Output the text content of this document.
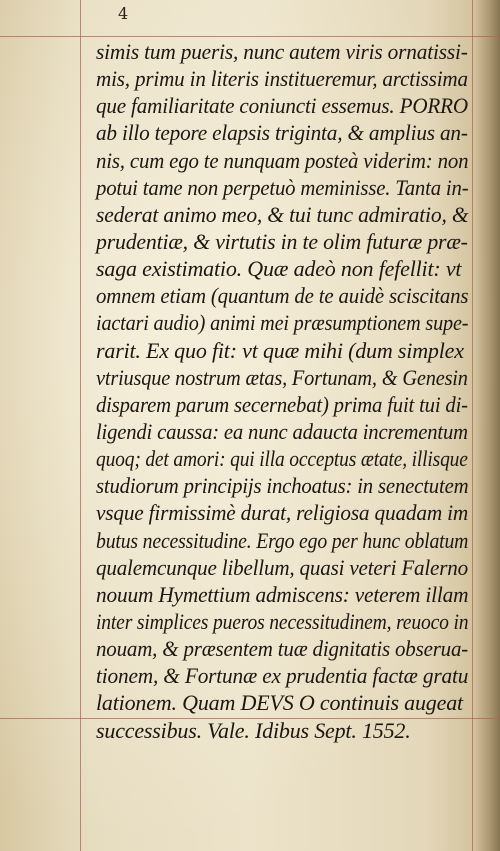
4
simis tum pueris, nunc autem viris ornatissi-
mis, primu in literis institueremur, arctissima
que familiaritate coniuncti essemus. PORRO
ab illo tepore elapsis triginta, & amplius an-
nis, cum ego te nunquam posteà viderim: non
potui tame non perpetuò meminisse. Tanta in-
sederat animo meo, & tui tunc admiratio, &
prudentiæ, & virtutis in te olim futuræ præ-
saga existimatio. Quæ adeò non fefellit: vt
omnem etiam (quantum de te auidè sciscitans
iactari audio) animi mei præsumptionem supe-
rarit. Ex quo fit: vt quæ mihi (dum simplex
vtriusque nostrum ætas, Fortunam, & Genesin
disparem parum secernebat) prima fuit tui di-
ligendi caussa: ea nunc adaucta incrementum
quoq; det amori: qui illa occeptus ætate, illisque
studiorum principijs inchoatus: in senectutem
vsque firmissimè durat, religiosa quadam im
butus necessitudine. Ergo ego per hunc oblatum
qualemcunque libellum, quasi veteri Falerno
nouum Hymettium admiscens: veterem illam
inter simplices pueros necessitudinem, reuoco in
nouam, & præsentem tuæ dignitatis obserua-
tionem, & Fortunæ ex prudentia factæ gratu
lationem. Quam DEVS O continuis augeat
successibus. Vale. Idibus Sept. 1552.
